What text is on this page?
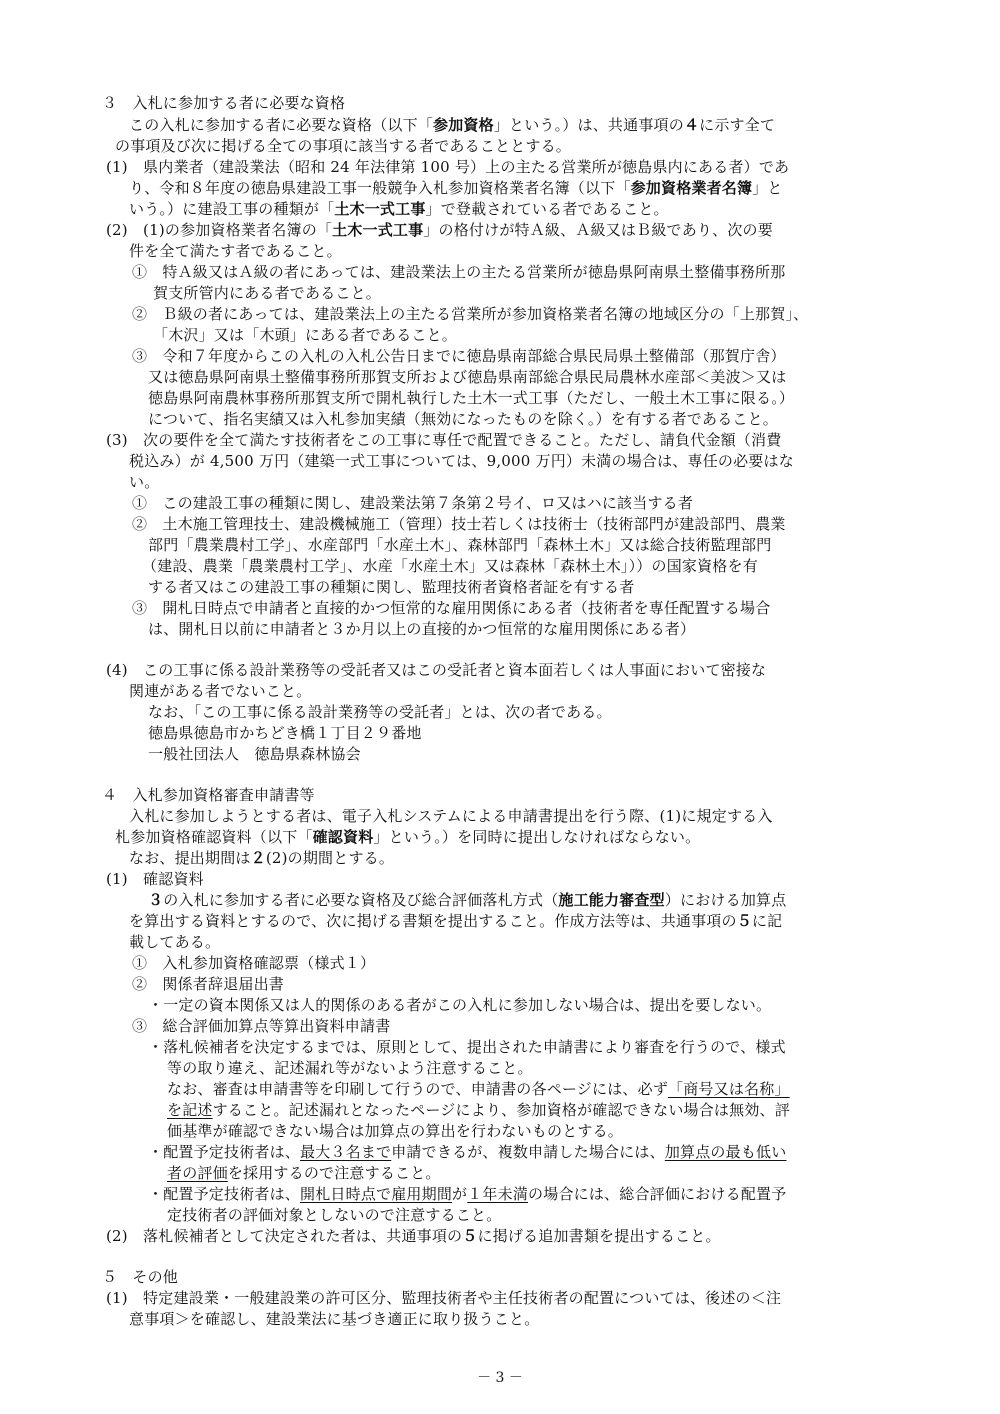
３　入札に参加する者に必要な資格
この入札に参加する者に必要な資格（以下「参加資格」という。）は、共通事項の４に示す全て
の事項及び次に掲げる全ての事項に該当する者であることとする。
(1)　県内業者（建設業法（昭和 24 年法律第 100 号）上の主たる営業所が徳島県内にある者）であ
り、令和８年度の徳島県建設工事一般競争入札参加資格業者名簿（以下「参加資格業者名簿」と
いう。）に建設工事の種類が「土木一式工事」で登載されている者であること。
(2)　(1)の参加資格業者名簿の「土木一式工事」の格付けが特Ａ級、Ａ級又はＢ級であり、次の要
件を全て満たす者であること。
①　特Ａ級又はＡ級の者にあっては、建設業法上の主たる営業所が徳島県阿南県土整備事務所那
賀支所管内にある者であること。
②　Ｂ級の者にあっては、建設業法上の主たる営業所が参加資格業者名簿の地域区分の「上那賀」、
「木沢」又は「木頭」にある者であること。
③　令和７年度からこの入札の入札公告日までに徳島県南部総合県民局県土整備部（那賀庁舎）
又は徳島県阿南県土整備事務所那賀支所および徳島県南部総合県民局農林水産部＜美波＞又は
徳島県阿南農林事務所那賀支所で開札執行した土木一式工事（ただし、一般土木工事に限る。）
について、指名実績又は入札参加実績（無効になったものを除く。）を有する者であること。
(3)　次の要件を全て満たす技術者をこの工事に専任で配置できること。ただし、請負代金額（消費
税込み）が 4,500 万円（建築一式工事については、9,000 万円）未満の場合は、専任の必要はな
い。
①　この建設工事の種類に関し、建設業法第７条第２号イ、ロ又はハに該当する者
②　土木施工管理技士、建設機械施工（管理）技士若しくは技術士（技術部門が建設部門、農業
部門「農業農村工学」、水産部門「水産土木」、森林部門「森林土木」又は総合技術監理部門
（建設、農業「農業農村工学」、水産「水産土木」又は森林「森林土木」））の国家資格を有
する者又はこの建設工事の種類に関し、監理技術者資格者証を有する者
③　開札日時点で申請者と直接的かつ恒常的な雇用関係にある者（技術者を専任配置する場合
は、開札日以前に申請者と３か月以上の直接的かつ恒常的な雇用関係にある者）
(4)　この工事に係る設計業務等の受託者又はこの受託者と資本面若しくは人事面において密接な
関連がある者でないこと。
なお、「この工事に係る設計業務等の受託者」とは、次の者である。
徳島県徳島市かちどき橋１丁目２９番地
一般社団法人　徳島県森林協会
４　入札参加資格審査申請書等
入札に参加しようとする者は、電子入札システムによる申請書提出を行う際、(1)に規定する入
札参加資格確認資料（以下「確認資料」という。）を同時に提出しなければならない。
なお、提出期間は２(2)の期間とする。
(1)　確認資料
３の入札に参加する者に必要な資格及び総合評価落札方式（施工能力審査型）における加算点
を算出する資料とするので、次に掲げる書類を提出すること。作成方法等は、共通事項の５に記
載してある。
①　入札参加資格確認票（様式１）
②　関係者辞退届出書
・一定の資本関係又は人的関係のある者がこの入札に参加しない場合は、提出を要しない。
③　総合評価加算点等算出資料申請書
・落札候補者を決定するまでは、原則として、提出された申請書により審査を行うので、様式
等の取り違え、記述漏れ等がないよう注意すること。
なお、審査は申請書等を印刷して行うので、申請書の各ページには、必ず「商号又は名称」
を記述すること。記述漏れとなったページにより、参加資格が確認できない場合は無効、評
価基準が確認できない場合は加算点の算出を行わないものとする。
・配置予定技術者は、最大３名まで申請できるが、複数申請した場合には、加算点の最も低い
者の評価を採用するので注意すること。
・配置予定技術者は、開札日時点で雇用期間が１年未満の場合には、総合評価における配置予
定技術者の評価対象としないので注意すること。
(2)　落札候補者として決定された者は、共通事項の５に掲げる追加書類を提出すること。
５　その他
(1)　特定建設業・一般建設業の許可区分、監理技術者や主任技術者の配置については、後述の＜注
意事項＞を確認し、建設業法に基づき適正に取り扱うこと。
－ 3 －
